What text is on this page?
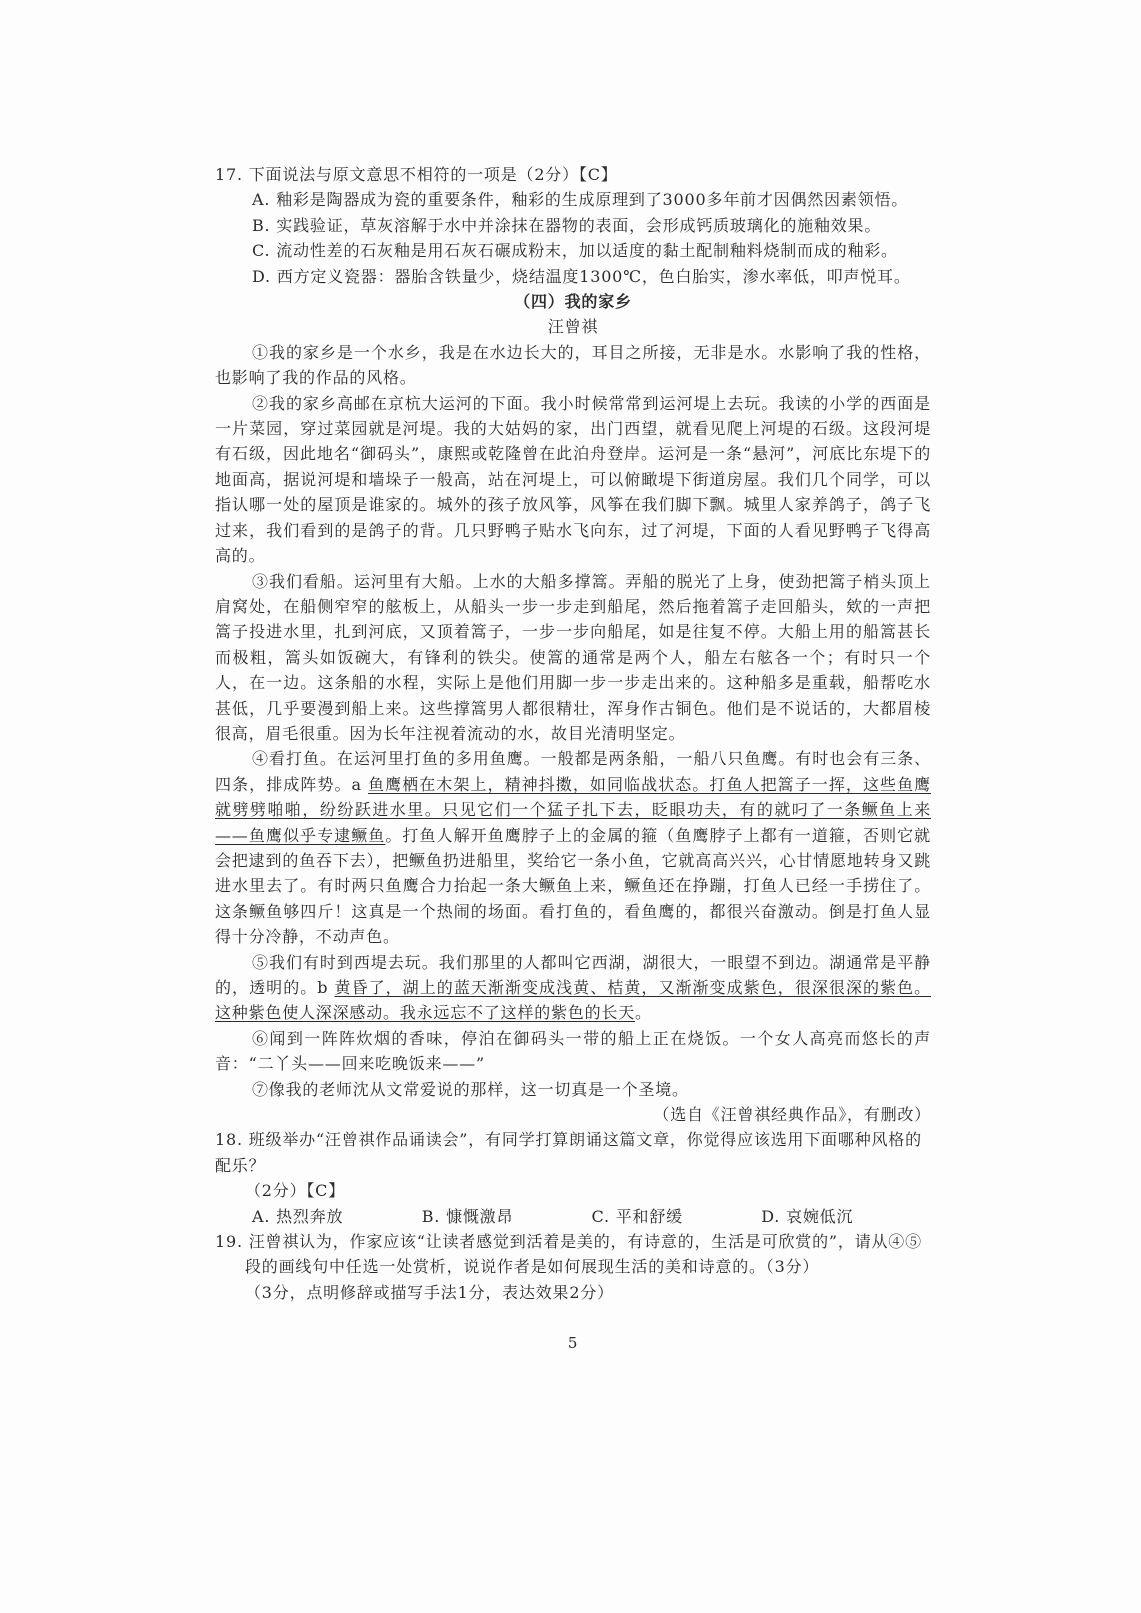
17. 下面说法与原文意思不相符的一项是（2分）【C】

A. 釉彩是陶器成为瓷的重要条件，釉彩的生成原理到了3000多年前才因偶然因素领悟。

B. 实践验证，草灰溶解于水中并涂抹在器物的表面，会形成钙质玻璃化的施釉效果。

C. 流动性差的石灰釉是用石灰石碾成粉末，加以适度的黏土配制釉料烧制而成的釉彩。

D. 西方定义瓷器：器胎含铁量少，烧结温度1300℃，色白胎实，渗水率低，叩声悦耳。

（四）我的家乡

汪曾祺

①我的家乡是一个水乡，我是在水边长大的，耳目之所接，无非是水。水影响了我的性格，也影响了我的作品的风格。

②我的家乡高邮在京杭大运河的下面。我小时候常常到运河堤上去玩。我读的小学的西面是一片菜园，穿过菜园就是河堤。我的大姑妈的家，出门西望，就看见爬上河堤的石级。这段河堤有石级，因此地名“御码头”，康熙或乾隆曾在此泊舟登岸。运河是一条“悬河”，河底比东堤下的地面高，据说河堤和墙垛子一般高，站在河堤上，可以俯瞰堤下街道房屋。我们几个同学，可以指认哪一处的屋顶是谁家的。城外的孩子放风筝，风筝在我们脚下飘。城里人家养鸽子，鸽子飞过来，我们看到的是鸽子的背。几只野鸭子贴水飞向东，过了河堤，下面的人看见野鸭子飞得高高的。

③我们看船。运河里有大船。上水的大船多撑篙。弄船的脱光了上身，使劲把篙子梢头顶上肩窝处，在船侧窄窄的舷板上，从船头一步一步走到船尾，然后拖着篙子走回船头，欸的一声把篙子投进水里，扎到河底，又顶着篙子，一步一步向船尾，如是往复不停。大船上用的船篙甚长而极粗，篙头如饭碗大，有锋利的铁尖。使篙的通常是两个人，船左右舷各一个；有时只一个人，在一边。这条船的水程，实际上是他们用脚一步一步走出来的。这种船多是重载，船帮吃水甚低，几乎要漫到船上来。这些撑篙男人都很精壮，浑身作古铜色。他们是不说话的，大都眉棱很高，眉毛很重。因为长年注视着流动的水，故目光清明坚定。

④看打鱼。在运河里打鱼的多用鱼鹰。一般都是两条船，一船八只鱼鹰。有时也会有三条、四条，排成阵势。a 鱼鹰栖在木架上，精神抖擞，如同临战状态。打鱼人把篙子一挥，这些鱼鹰就劈劈啪啪，纷纷跃进水里。只见它们一个猛子扎下去，眨眼功夫，有的就叼了一条鳜鱼上来——鱼鹰似乎专逮鳜鱼。打鱼人解开鱼鹰脖子上的金属的箍（鱼鹰脖子上都有一道箍，否则它就会把逮到的鱼吞下去），把鳜鱼扔进船里，奖给它一条小鱼，它就高高兴兴，心甘情愿地转身又跳进水里去了。有时两只鱼鹰合力抬起一条大鳜鱼上来，鳜鱼还在挣蹦，打鱼人已经一手捞住了。这条鳜鱼够四斤！这真是一个热闹的场面。看打鱼的，看鱼鹰的，都很兴奋激动。倒是打鱼人显得十分冷静，不动声色。

⑤我们有时到西堤去玩。我们那里的人都叫它西湖，湖很大，一眼望不到边。湖通常是平静的，透明的。b 黄昏了，湖上的蓝天渐渐变成浅黄、桔黄，又渐渐变成紫色，很深很深的紫色。这种紫色使人深深感动。我永远忘不了这样的紫色的长天。

⑥闻到一阵阵炊烟的香味，停泊在御码头一带的船上正在烧饭。一个女人高亮而悠长的声音：“二丫头——回来吃晚饭来——”

⑦像我的老师沈从文常爱说的那样，这一切真是一个圣境。

（选自《汪曾祺经典作品》，有删改）

18. 班级举办“汪曾祺作品诵读会”，有同学打算朗诵这篇文章，你觉得应该选用下面哪种风格的配乐？

（2分）【C】

A. 热烈奔放	B. 慷慨激昂	C. 平和舒缓	D. 哀婉低沉

19. 汪曾祺认为，作家应该“让读者感觉到活着是美的，有诗意的，生活是可欣赏的”，请从④⑤段的画线句中任选一处赏析，说说作者是如何展现生活的美和诗意的。（3分）

（3分，点明修辞或描写手法1分，表达效果2分）

5
